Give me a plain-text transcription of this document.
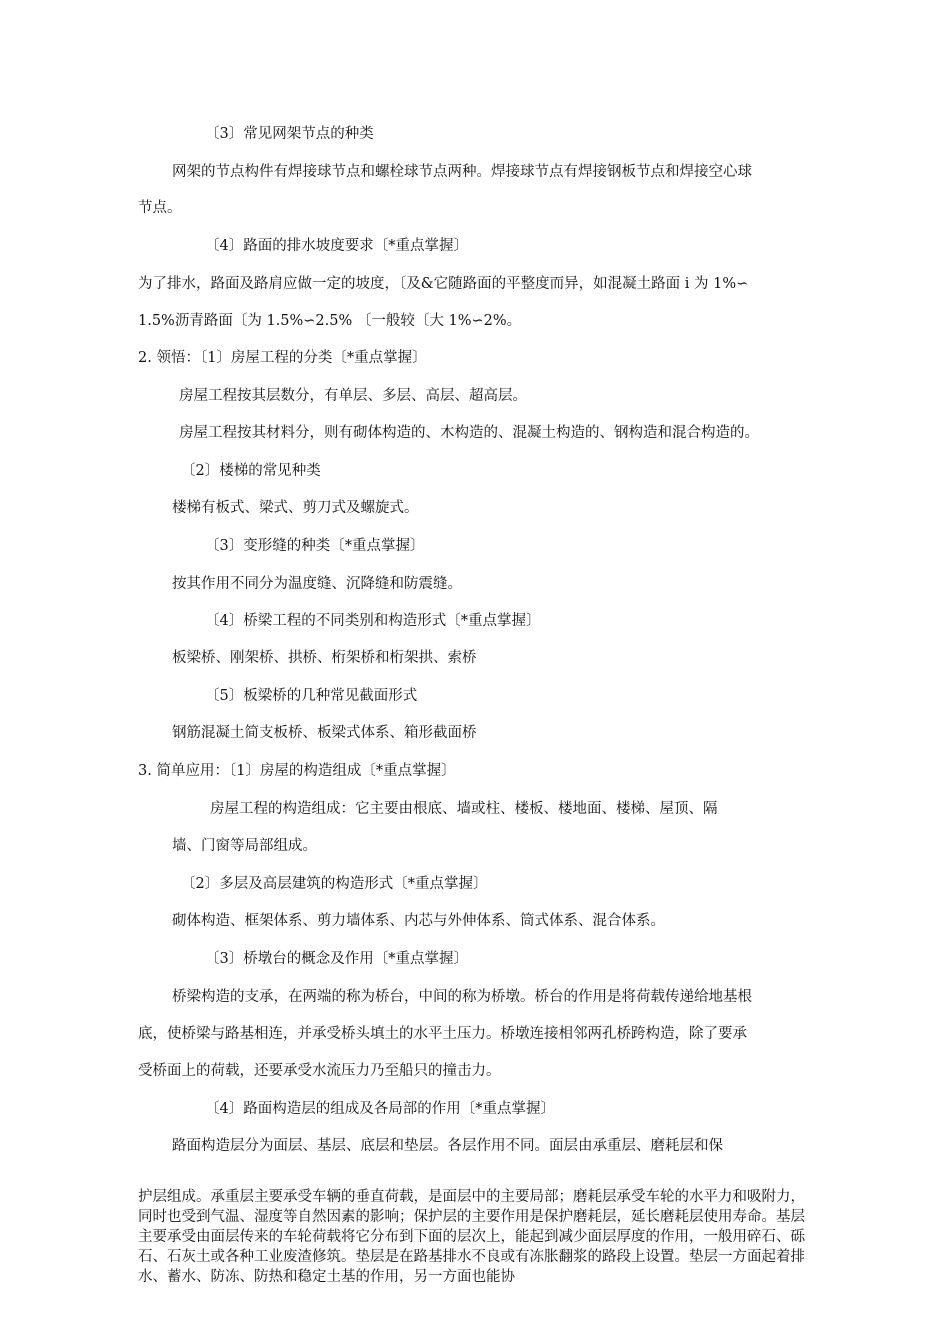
〔3〕常见网架节点的种类
网架的节点构件有焊接球节点和螺栓球节点两种。焊接球节点有焊接钢板节点和焊接空心球
节点。
〔4〕路面的排水坡度要求〔*重点掌握〕
为了排水，路面及路肩应做一定的坡度，〔及&它随路面的平整度而异，如混凝土路面 i 为 1%∽
1.5%沥青路面〔为 1.5%∽2.5% 〔一般较〔大 1%∽2%。
2. 领悟：〔1〕房屋工程的分类〔*重点掌握〕
房屋工程按其层数分，有单层、多层、高层、超高层。
房屋工程按其材料分，则有砌体构造的、木构造的、混凝土构造的、钢构造和混合构造的。
〔2〕楼梯的常见种类
楼梯有板式、梁式、剪刀式及螺旋式。
〔3〕变形缝的种类〔*重点掌握〕
按其作用不同分为温度缝、沉降缝和防震缝。
〔4〕桥梁工程的不同类别和构造形式〔*重点掌握〕
板梁桥、刚架桥、拱桥、桁架桥和桁架拱、索桥
〔5〕板梁桥的几种常见截面形式
钢筋混凝土简支板桥、板梁式体系、箱形截面桥
3. 简单应用：〔1〕房屋的构造组成〔*重点掌握〕
房屋工程的构造组成：它主要由根底、墙或柱、楼板、楼地面、楼梯、屋顶、隔
墙、门窗等局部组成。
〔2〕多层及高层建筑的构造形式〔*重点掌握〕
砌体构造、框架体系、剪力墙体系、内芯与外伸体系、筒式体系、混合体系。
〔3〕桥墩台的概念及作用〔*重点掌握〕
桥梁构造的支承，在两端的称为桥台，中间的称为桥墩。桥台的作用是将荷载传递给地基根
底，使桥梁与路基相连，并承受桥头填土的水平土压力。桥墩连接相邻两孔桥跨构造，除了要承
受桥面上的荷载，还要承受水流压力乃至船只的撞击力。
〔4〕路面构造层的组成及各局部的作用〔*重点掌握〕
路面构造层分为面层、基层、底层和垫层。各层作用不同。面层由承重层、磨耗层和保
护层组成。承重层主要承受车辆的垂直荷载，是面层中的主要局部；磨耗层承受车轮的水平力和吸附力，同时也受到气温、湿度等自然因素的影响；保护层的主要作用是保护磨耗层，延长磨耗层使用寿命。基层主要承受由面层传来的车轮荷载将它分布到下面的层次上，能起到减少面层厚度的作用，一般用碎石、砾石、石灰土或各种工业废渣修筑。垫层是在路基排水不良或有冻胀翻浆的路段上设置。垫层一方面起着排水、蓄水、防冻、防热和稳定土基的作用，另一方面也能协
